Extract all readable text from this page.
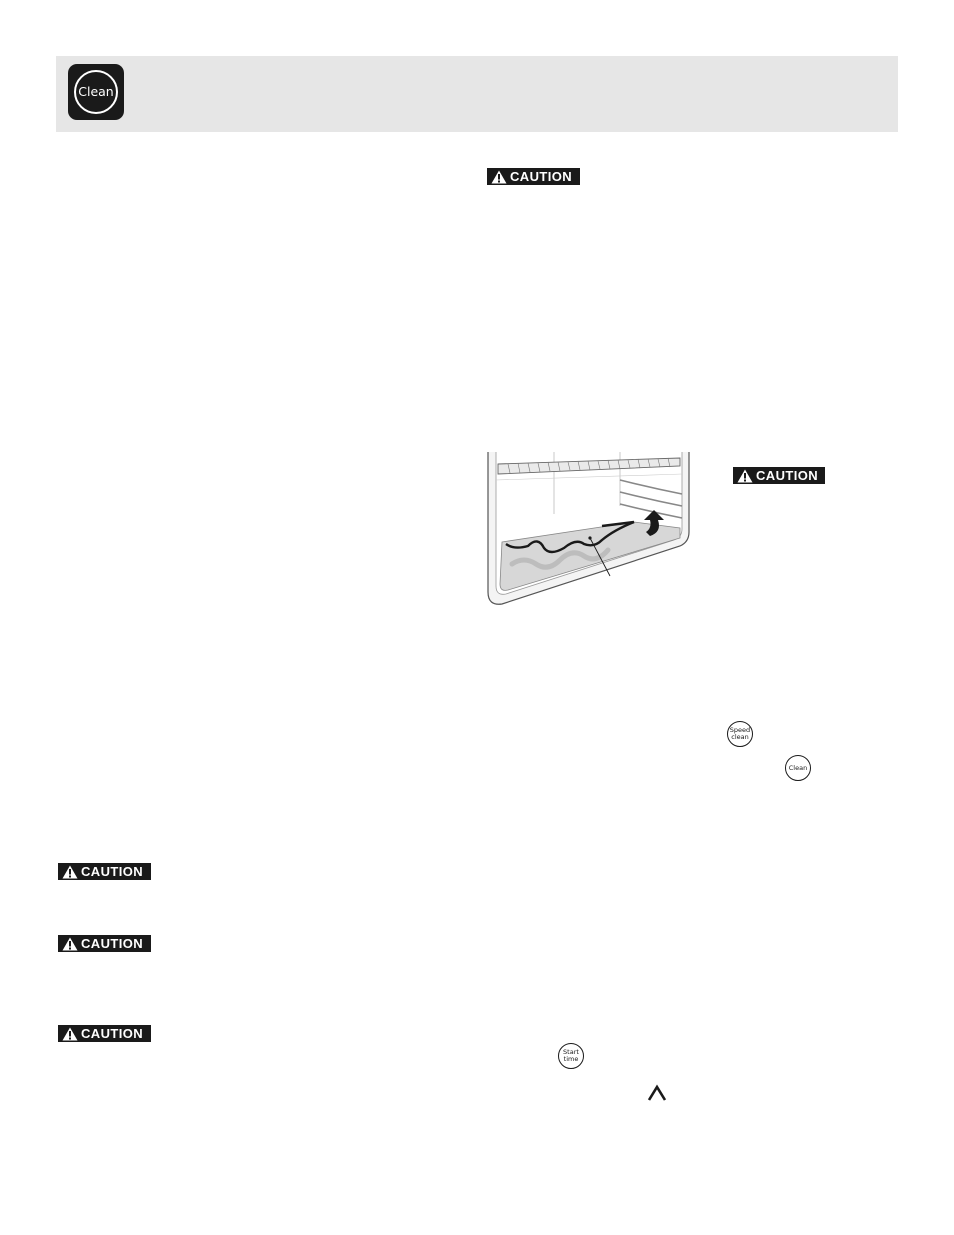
Clean
CAUTION
CAUTION
CAUTION
CAUTION
CAUTION
Speed
clean
Clean
Start
time
